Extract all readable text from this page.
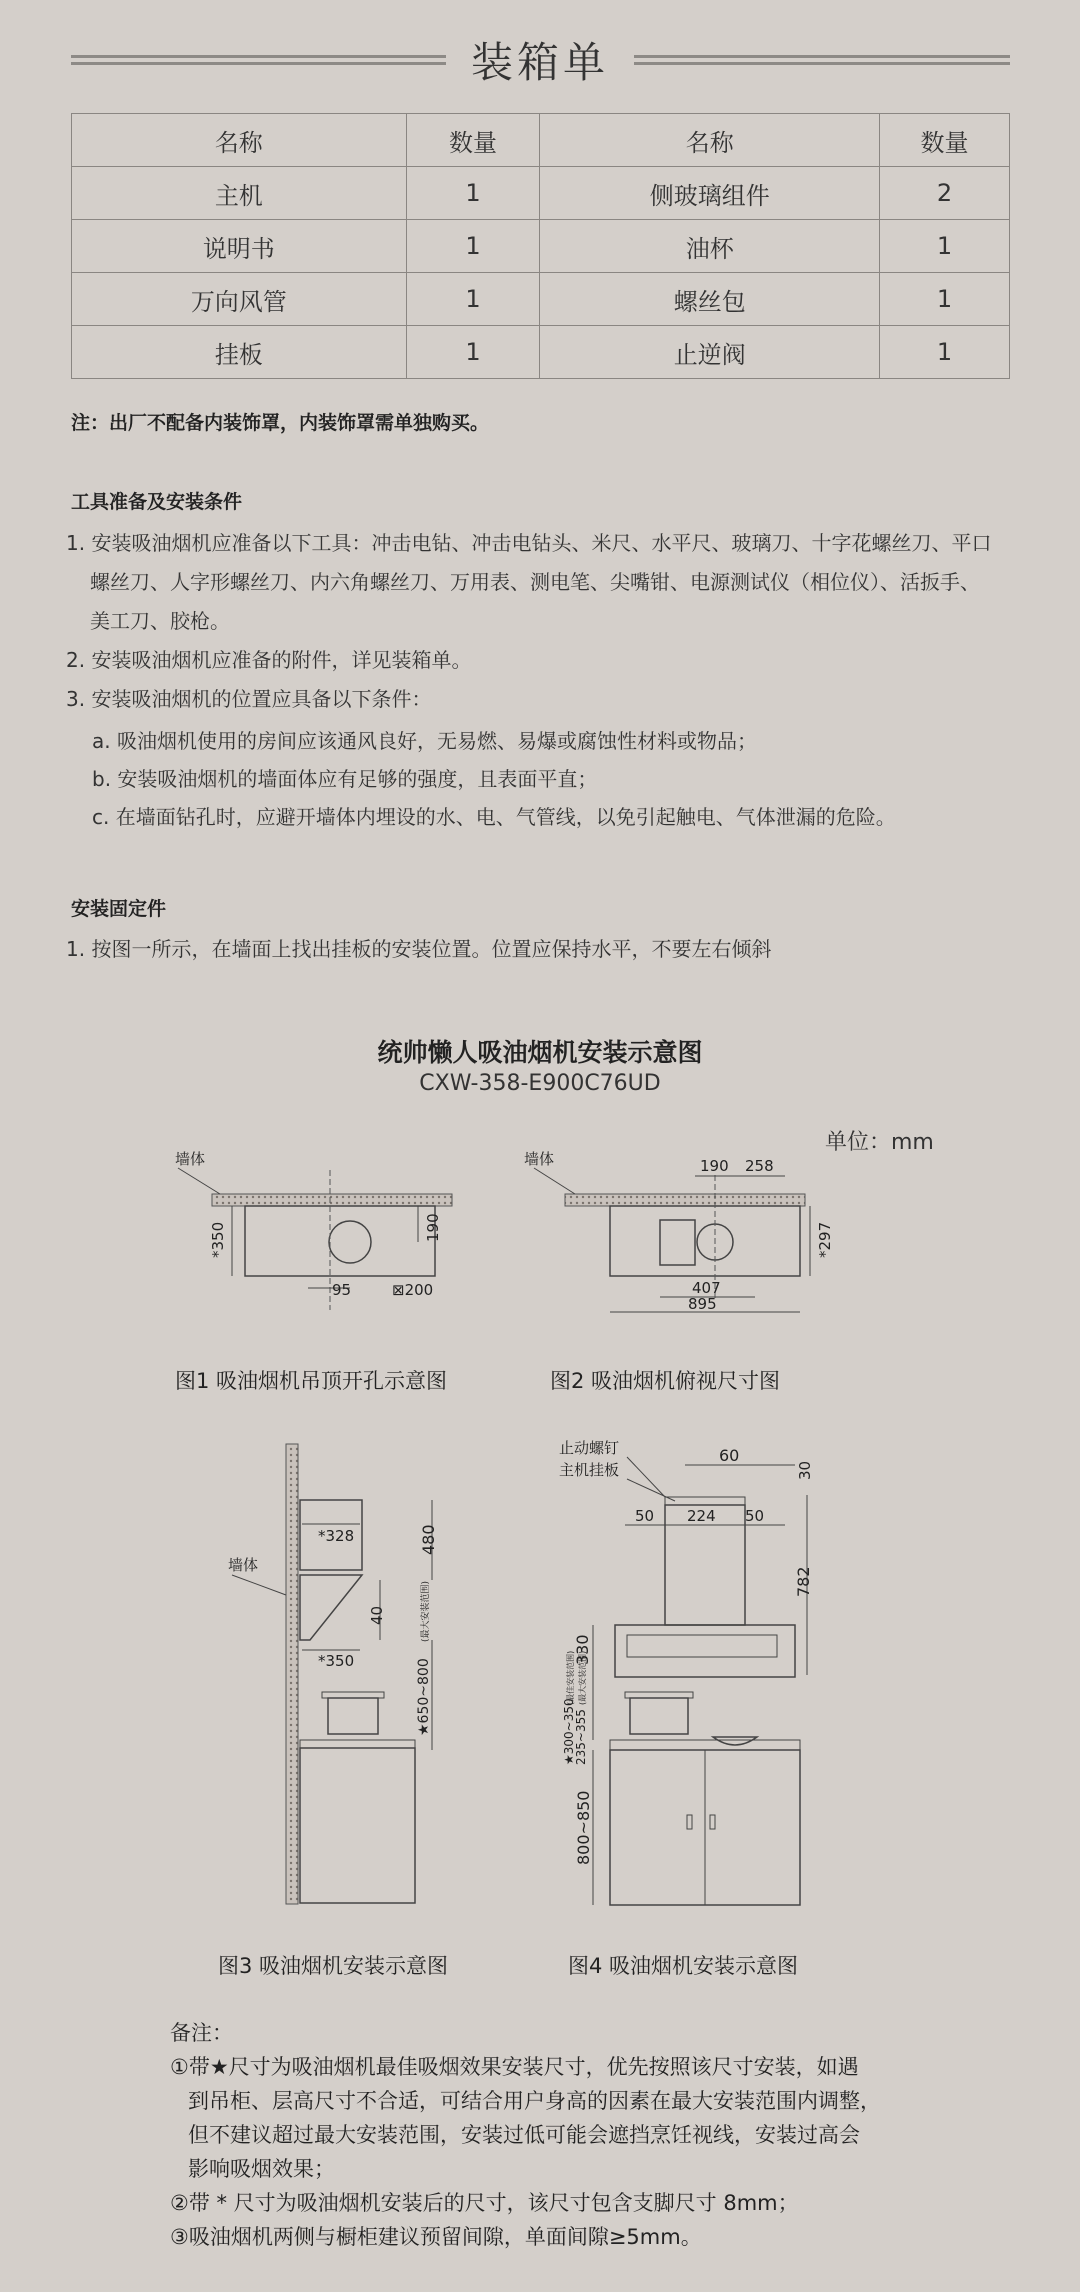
装箱单
名称	数量	名称	数量
主机	1	侧玻璃组件	2
说明书	1	油杯	1
万向风管	1	螺丝包	1
挂板	1	止逆阀	1
注：出厂不配备内装饰罩，内装饰罩需单独购买。
工具准备及安装条件
1. 安装吸油烟机应准备以下工具：冲击电钻、冲击电钻头、米尺、水平尺、玻璃刀、十字花螺丝刀、平口
螺丝刀、人字形螺丝刀、内六角螺丝刀、万用表、测电笔、尖嘴钳、电源测试仪（相位仪）、活扳手、
美工刀、胶枪。
2. 安装吸油烟机应准备的附件，详见装箱单。
3. 安装吸油烟机的位置应具备以下条件：
a. 吸油烟机使用的房间应该通风良好，无易燃、易爆或腐蚀性材料或物品；
b. 安装吸油烟机的墙面体应有足够的强度，且表面平直；
c. 在墙面钻孔时，应避开墙体内埋设的水、电、气管线，以免引起触电、气体泄漏的危险。
安装固定件
1. 按图一所示，在墙面上找出挂板的安装位置。位置应保持水平，不要左右倾斜
统帅懒人吸油烟机安装示意图
CXW-358-E900C76UD
单位：mm
墙体
*350	190
95	⊠200
图1 吸油烟机吊顶开孔示意图
墙体	190 258
*297
407
895
图2 吸油烟机俯视尺寸图
墙体
*328
*350
480
40
★650~800
(最大安装范围)
图3 吸油烟机安装示意图
止动螺钉
主机挂板
60
30
50 224 50
782
330
★300~350
235~355
(最佳安装范围) (最大安装范围)
800~850
图4 吸油烟机安装示意图
备注：
①带★尺寸为吸油烟机最佳吸烟效果安装尺寸，优先按照该尺寸安装，如遇
到吊柜、层高尺寸不合适，可结合用户身高的因素在最大安装范围内调整，
但不建议超过最大安装范围，安装过低可能会遮挡烹饪视线，安装过高会
影响吸烟效果；
②带 * 尺寸为吸油烟机安装后的尺寸，该尺寸包含支脚尺寸 8mm；
③吸油烟机两侧与橱柜建议预留间隙，单面间隙≥5mm。
